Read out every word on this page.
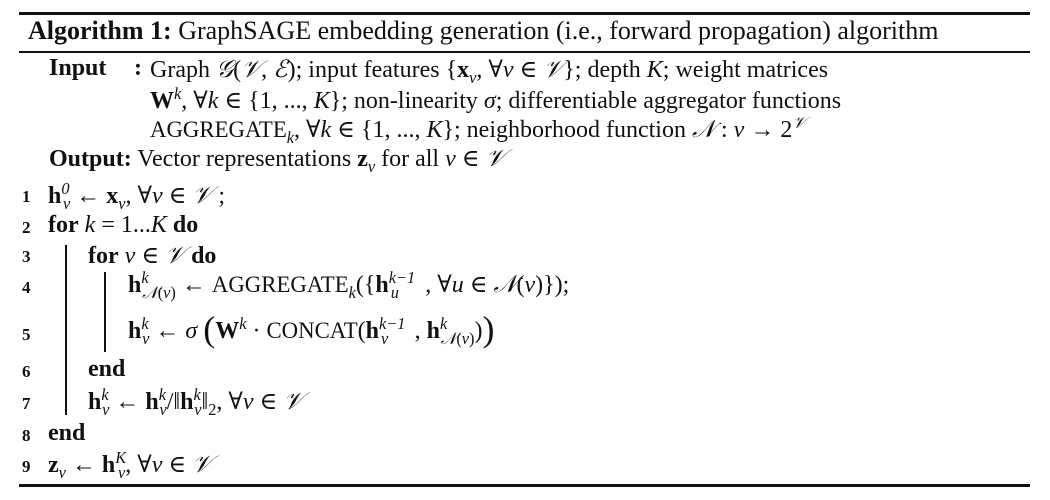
Algorithm 1: GraphSAGE embedding generation (i.e., forward propagation) algorithm
Input : Graph 𝒢(𝒱, ℰ); input features {$x_v$, ∀v ∈ 𝒱}; depth K; weight matrices
$W^k$, ∀k ∈ {1, ..., K}; non-linearity σ; differentiable aggregator functions
$AGGREGATE_k$, ∀k ∈ {1, ..., K}; neighborhood function 𝒩 : $v \to 2^𝒱$
Output: Vector representations $z_v$ for all v ∈ 𝒱
1 $h^0_v$ ← $x_v$, ∀v ∈ 𝒱 ;
2 for k = 1...K do
3	for v ∈ 𝒱 do
4	$h^k_{𝒩(v)}$ ← $AGGREGATE_k(\{h^{k-1}_u$ , ∀u ∈ 𝒩(v)});
5	$h^k_v$ ← σ ($W^k$ · $CONCAT(h^{k-1}_v$ , $h^k_{𝒩(v)}$))
6	end
7	$h^k_v$ ← $h^k_v/‖h^k_v‖_2$, ∀v ∈ 𝒱
8 end
9 $z_v$ ← $h^K_v$, ∀v ∈ 𝒱
